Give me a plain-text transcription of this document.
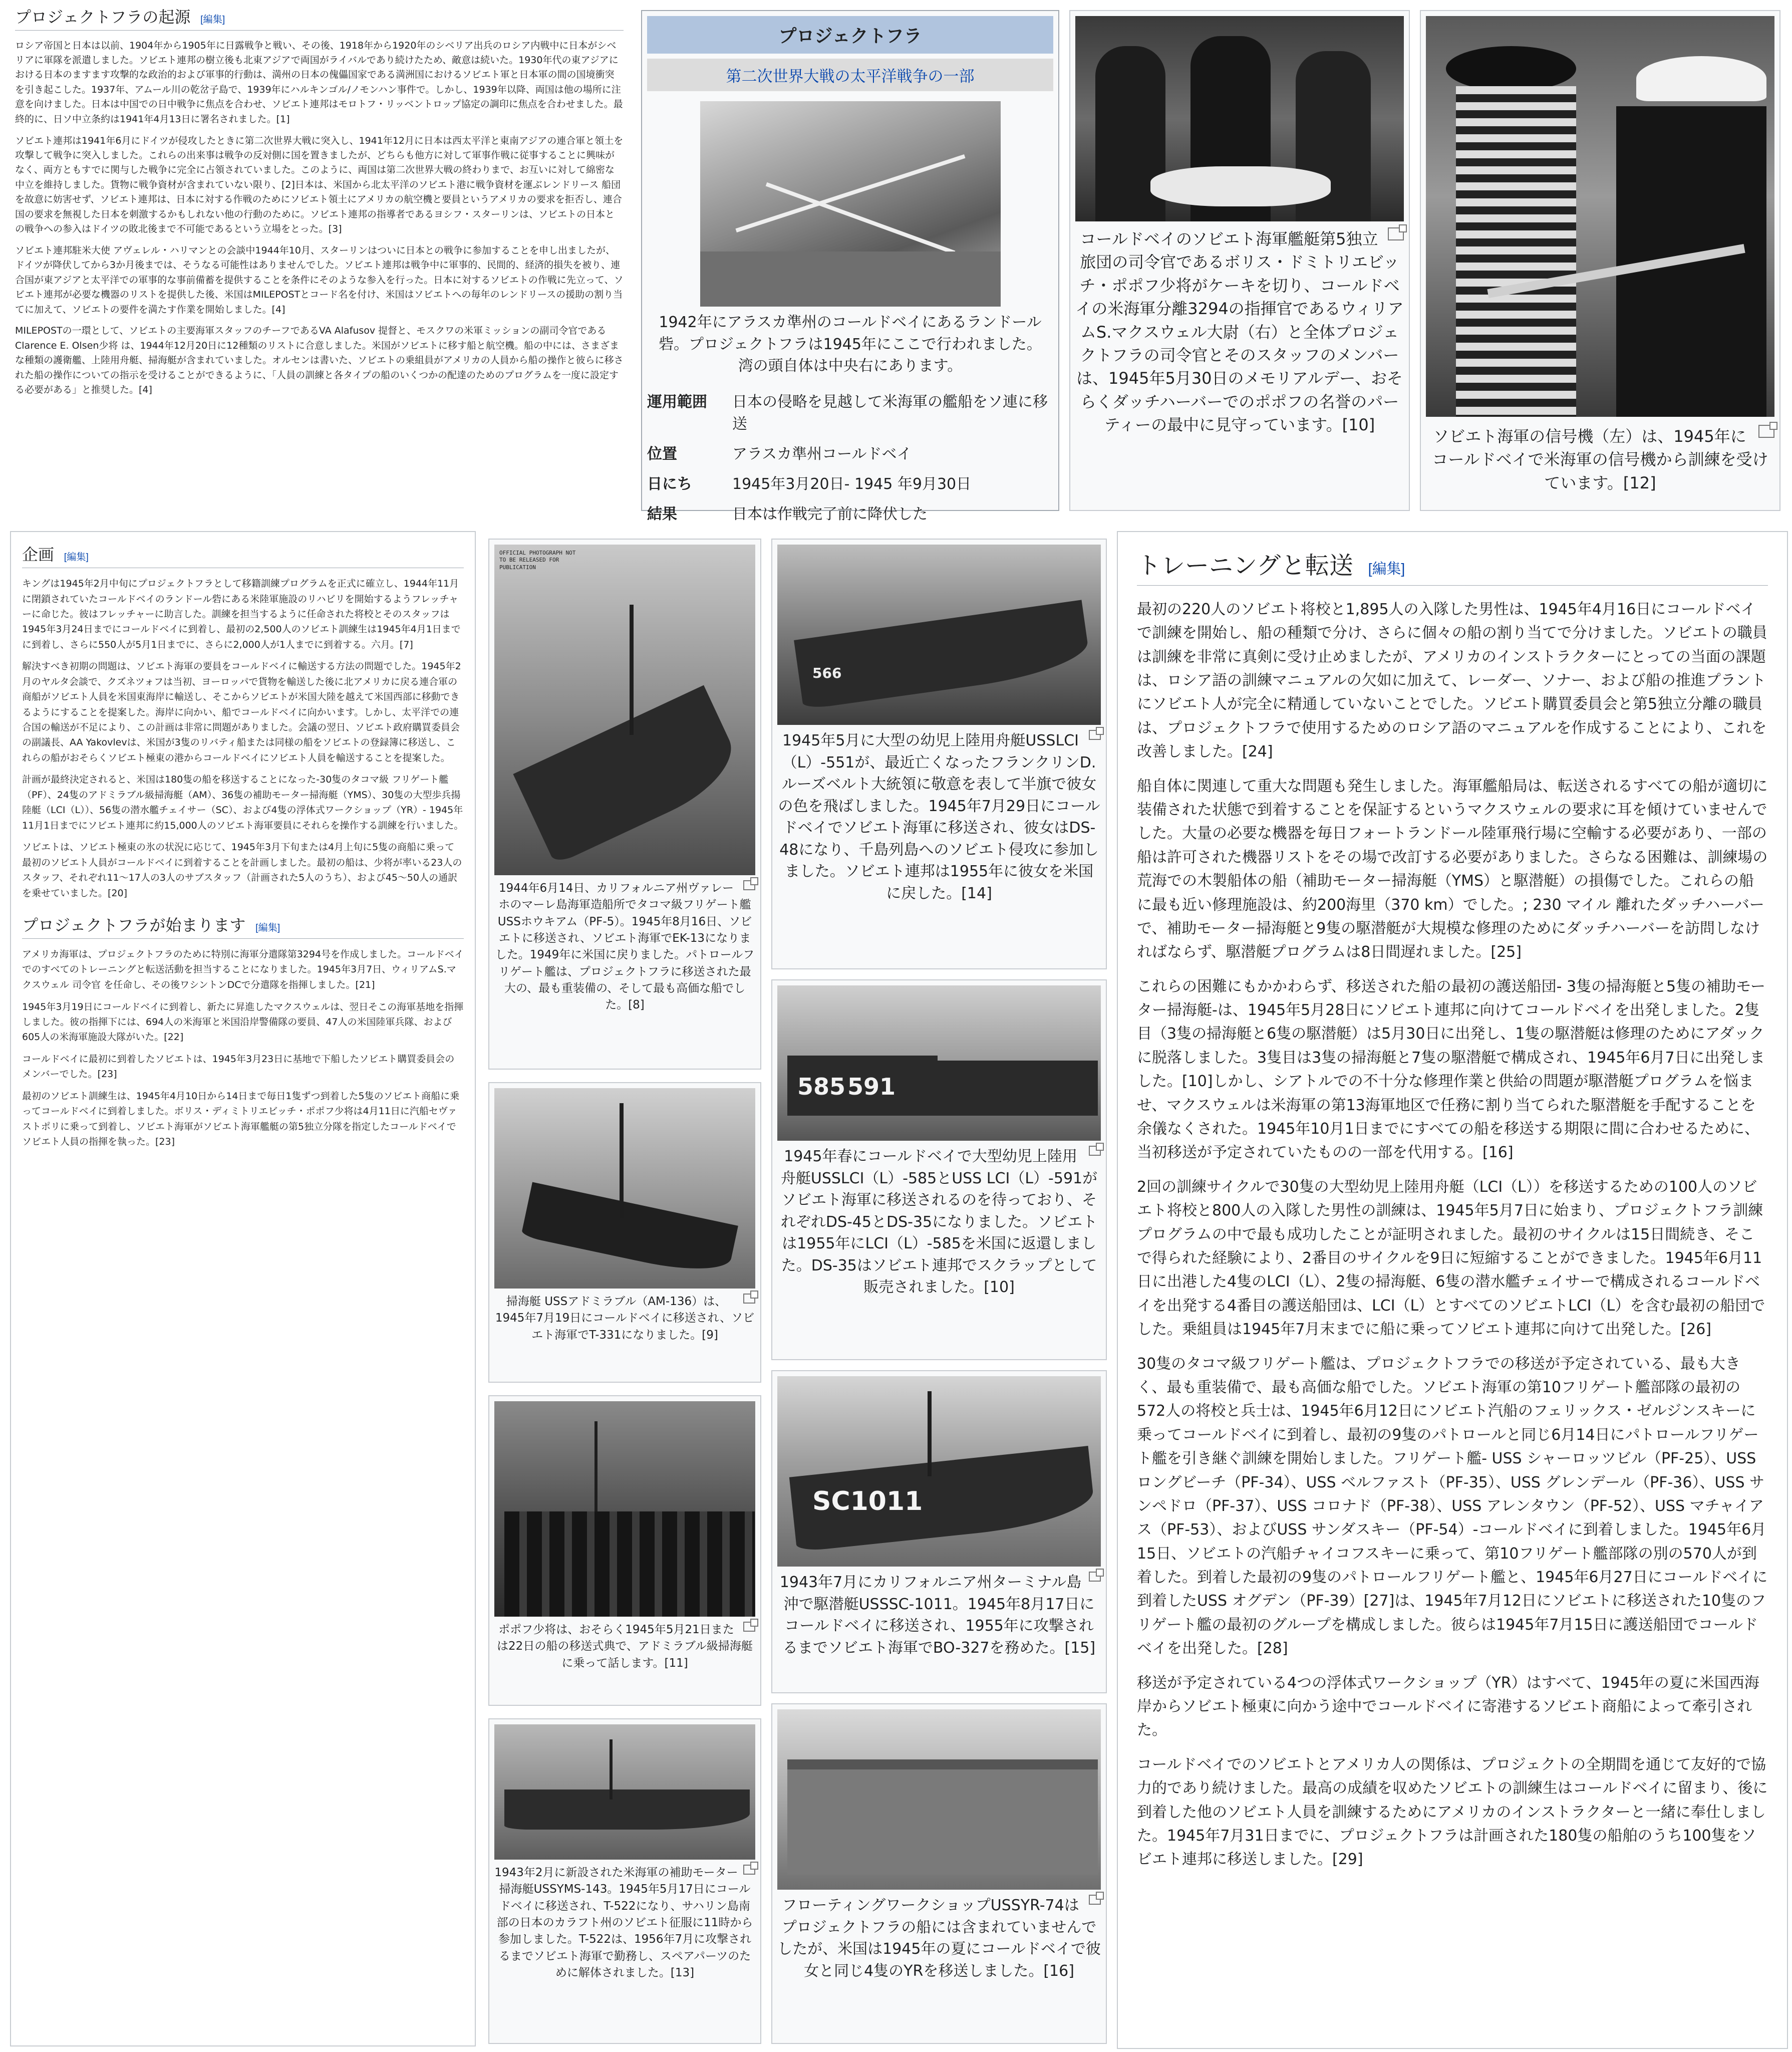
プロジェクトフラの起源 [編集]

ロシア帝国と日本は以前、1904年から1905年に日露戦争と戦い、その後、1918年から1920年のシベリア出兵のロシア内戦中に日本がシベリアに軍隊を派遣しました。ソビエト連邦の樹立後も北東アジアで両国がライバルであり続けたため、敵意は続いた。1930年代の東アジアにおける日本のますます攻撃的な政治的および軍事的行動は、満州の日本の傀儡国家である満洲国におけるソビエト軍と日本軍の間の国境衝突を引き起こした。1937年、アムール川の乾岔子島で、1939年にハルキンゴル/ノモンハン事件で。しかし、1939年以降、両国は他の場所に注意を向けました。日本は中国での日中戦争に焦点を合わせ、ソビエト連邦はモロトフ・リッベントロップ協定の調印に焦点を合わせました。最終的に、日ソ中立条約は1941年4月13日に署名されました。[1]

ソビエト連邦は1941年6月にドイツが侵攻したときに第二次世界大戦に突入し、1941年12月に日本は西太平洋と東南アジアの連合軍と領土を攻撃して戦争に突入しました。これらの出来事は戦争の反対側に国を置きましたが、どちらも他方に対して軍事作戦に従事することに興味がなく、両方ともすでに関与した戦争に完全に占領されていました。このように、両国は第二次世界大戦の終わりまで、お互いに対して綿密な中立を維持しました。貨物に戦争資材が含まれていない限り、[2]日本は、米国から北太平洋のソビエト港に戦争資材を運ぶレンドリース 船団を故意に妨害せず、ソビエト連邦は、日本に対する作戦のためにソビエト領土にアメリカの航空機と要員というアメリカの要求を拒否し、連合国の要求を無視した日本を刺激するかもしれない他の行動のために。ソビエト連邦の指導者であるヨシフ・スターリンは、ソビエトの日本との戦争への参入はドイツの敗北後まで不可能であるという立場をとった。[3]

ソビエト連邦駐米大使 アヴェレル・ハリマンとの会談中1944年10月、スターリンはついに日本との戦争に参加することを申し出ましたが、ドイツが降伏してから3か月後までは、そうなる可能性はありませんでした。ソビエト連邦は戦争中に軍事的、民間的、経済的損失を被り、連合国が東アジアと太平洋での軍事的な事前備蓄を提供することを条件にそのような参入を行った。日本に対するソビエトの作戦に先立って、ソビエト連邦が必要な機器のリストを提供した後、米国はMILEPOSTとコード名を付け、米国はソビエトへの毎年のレンドリースの援助の割り当てに加えて、ソビエトの要件を満たす作業を開始しました。[4]

MILEPOSTの一環として、ソビエトの主要海軍スタッフのチーフであるVA Alafusov 提督と、モスクワの米軍ミッションの副司令官であるClarence E. Olsen少将 は、1944年12月20日に12種類のリストに合意しました。米国がソビエトに移す船と航空機。船の中には、さまざまな種類の護衛艦、上陸用舟艇、掃海艇が含まれていました。オルセンは書いた、ソビエトの乗組員がアメリカの人員から船の操作と彼らに移された船の操作についての指示を受けることができるように、「人員の訓練と各タイプの船のいくつかの配達のためのプログラムを一度に設定する必要がある」と推奨した。[4]

プロジェクトフラ
第二次世界大戦の太平洋戦争の一部
1942年にアラスカ準州のコールドベイにあるランドール砦。プロジェクトフラは1945年にここで行われました。湾の頭自体は中央右にあります。
運用範囲	日本の侵略を見越して米海軍の艦船をソ連に移送
位置	アラスカ準州コールドベイ
日にち	1945年3月20日- 1945 年9月30日
結果	日本は作戦完了前に降伏した
コールドベイのソビエト海軍艦艇第5独立旅団の司令官であるボリス・ドミトリエビッチ・ポポフ少将がケーキを切り、コールドベイの米海軍分離3294の指揮官であるウィリアムS.マクスウェル大尉（右）と全体プロジェクトフラの司令官とそのスタッフのメンバーは、1945年5月30日のメモリアルデー、おそらくダッチハーバーでのポポフの名誉のパーティーの最中に見守っています。[10]
ソビエト海軍の信号機（左）は、1945年にコールドベイで米海軍の信号機から訓練を受けています。[12]
企画 [編集]

キングは1945年2月中旬にプロジェクトフラとして移籍訓練プログラムを正式に確立し、1944年11月に閉鎖されていたコールドベイのランドール砦にある米陸軍施設のリハビリを開始するようフレッチャーに命じた。彼はフレッチャーに助言した。訓練を担当するように任命された将校とそのスタッフは1945年3月24日までにコールドベイに到着し、最初の2,500人のソビエト訓練生は1945年4月1日までに到着し、さらに550人が5月1日までに、さらに2,000人が1人までに到着する。六月。[7]

解決すべき初期の問題は、ソビエト海軍の要員をコールドベイに輸送する方法の問題でした。1945年2月のヤルタ会談で、クズネツォフは当初、ヨーロッパで貨物を輸送した後に北アメリカに戻る連合軍の商船がソビエト人員を米国東海岸に輸送し、そこからソビエトが米国大陸を越えて米国西部に移動できるようにすることを提案した。海岸に向かい、船でコールドベイに向かいます。しかし、太平洋での連合国の輸送が不足により、この計画は非常に問題がありました。会議の翌日、ソビエト政府購買委員会の副議長、AA Yakovlevは、米国が3隻のリバティ船または同様の船をソビエトの登録簿に移送し、これらの船がおそらくソビエト極東の港からコールドベイにソビエト人員を輸送することを提案した。

計画が最終決定されると、米国は180隻の船を移送することになった-30隻のタコマ級 フリゲート艦（PF）、24隻のアドミラブル級掃海艇（AM）、36隻の補助モーター掃海艇（YMS）、30隻の大型歩兵揚陸艇（LCI（L））、56隻の潜水艦チェイサー（SC）、および4隻の浮体式ワークショップ（YR）- 1945年11月1日までにソビエト連邦に約15,000人のソビエト海軍要員にそれらを操作する訓練を行いました。

ソビエトは、ソビエト極東の氷の状況に応じて、1945年3月下旬または4月上旬に5隻の商船に乗って最初のソビエト人員がコールドベイに到着することを計画しました。最初の船は、少将が率いる23人のスタッフ、それぞれ11〜17人の3人のサブスタッフ（計画された5人のうち）、および45〜50人の通訳を乗せていました。[20]

プロジェクトフラが始まります [編集]

アメリカ海軍は、プロジェクトフラのために特別に海軍分遣隊第3294号を作成しました。コールドベイでのすべてのトレーニングと転送活動を担当することになりました。1945年3月7日、ウィリアムS.マクスウェル 司令官 を任命し、その後ワシントンDCで分遣隊を指揮しました。[21]

1945年3月19日にコールドベイに到着し、新たに昇進したマクスウェルは、翌日そこの海軍基地を指揮しました。彼の指揮下には、694人の米海軍と米国沿岸警備隊の要員、47人の米国陸軍兵隊、および605人の米海軍施設大隊がいた。[22]

コールドベイに最初に到着したソビエトは、1945年3月23日に基地で下船したソビエト購買委員会のメンバーでした。[23]

最初のソビエト訓練生は、1945年4月10日から14日まで毎日1隻ずつ到着した5隻のソビエト商船に乗ってコールドベイに到着しました。ボリス・ディミトリエビッチ・ポポフ少将は4月11日に汽船セヴァストポリに乗って到着し、ソビエト海軍がソビエト海軍艦艇の第5独立分隊を指定したコールドベイでソビエト人員の指揮を執った。[23]

OFFICIAL PHOTOGRAPH NOT TO BE RELEASED FOR PUBLICATION
1944年6月14日、カリフォルニア州ヴァレーホのマーレ島海軍造船所でタコマ級フリゲート艦USSホウキアム（PF-5）。1945年8月16日、ソビエトに移送され、ソビエト海軍でEK-13になりました。1949年に米国に戻りました。パトロールフリゲート艦は、プロジェクトフラに移送された最大の、最も重装備の、そして最も高価な船でした。[8]
掃海艇 USSアドミラブル（AM-136）は、1945年7月19日にコールドベイに移送され、ソビエト海軍でT-331になりました。[9]
ポポフ少将は、おそらく1945年5月21日または22日の船の移送式典で、アドミラブル級掃海艇に乗って話します。[11]
1943年2月に新設された米海軍の補助モーター掃海艇USSYMS-143。1945年5月17日にコールドベイに移送され、T-522になり、サハリン島南部の日本のカラフト州のソビエト征服に11時から参加しました。T-522は、1956年7月に攻撃されるまでソビエト海軍で勤務し、スペアパーツのために解体されました。[13]
566
1945年5月に大型の幼児上陸用舟艇USSLCI（L）-551が、最近亡くなったフランクリンD.ルーズベルト大統領に敬意を表して半旗で彼女の色を飛ばしました。1945年7月29日にコールドベイでソビエト海軍に移送され、彼女はDS-48になり、千島列島へのソビエト侵攻に参加しました。ソビエト連邦は1955年に彼女を米国に戻した。[14]
585 591
1945年春にコールドベイで大型幼児上陸用舟艇USSLCI（L）-585とUSS LCI（L）-591がソビエト海軍に移送されるのを待っており、それぞれDS-45とDS-35になりました。ソビエトは1955年にLCI（L）-585を米国に返還しました。DS-35はソビエト連邦でスクラップとして販売されました。[10]
SC1011
1943年7月にカリフォルニア州ターミナル島沖で駆潜艇USSSC-1011。1945年8月17日にコールドベイに移送され、1955年に攻撃されるまでソビエト海軍でBO-327を務めた。[15]
フローティングワークショップUSSYR-74はプロジェクトフラの船には含まれていませんでしたが、米国は1945年の夏にコールドベイで彼女と同じ4隻のYRを移送しました。[16]
トレーニングと転送 [編集]

最初の220人のソビエト将校と1,895人の入隊した男性は、1945年4月16日にコールドベイで訓練を開始し、船の種類で分け、さらに個々の船の割り当てで分けました。ソビエトの職員は訓練を非常に真剣に受け止めましたが、アメリカのインストラクターにとっての当面の課題は、ロシア語の訓練マニュアルの欠如に加えて、レーダー、ソナー、および船の推進プラントにソビエト人が完全に精通していないことでした。ソビエト購買委員会と第5独立分離の職員は、プロジェクトフラで使用するためのロシア語のマニュアルを作成することにより、これを改善しました。[24]

船自体に関連して重大な問題も発生しました。海軍艦船局は、転送されるすべての船が適切に装備された状態で到着することを保証するというマクスウェルの要求に耳を傾けていませんでした。大量の必要な機器を毎日フォートランドール陸軍飛行場に空輸する必要があり、一部の船は許可された機器リストをその場で改訂する必要がありました。さらなる困難は、訓練場の荒海での木製船体の船（補助モーター掃海艇（YMS）と駆潜艇）の損傷でした。これらの船に最も近い修理施設は、約200海里（370 km）でした。; 230 マイル 離れたダッチハーバー で、補助モーター掃海艇と9隻の駆潜艇が大規模な修理のためにダッチハーバーを訪問しなければならず、駆潜艇プログラムは8日間遅れました。[25]

これらの困難にもかかわらず、移送された船の最初の護送船団- 3隻の掃海艇と5隻の補助モーター掃海艇-は、1945年5月28日にソビエト連邦に向けてコールドベイを出発しました。2隻目（3隻の掃海艇と6隻の駆潜艇）は5月30日に出発し、1隻の駆潜艇は修理のためにアダックに脱落しました。3隻目は3隻の掃海艇と7隻の駆潜艇で構成され、1945年6月7日に出発しました。[10]しかし、シアトルでの不十分な修理作業と供給の問題が駆潜艇プログラムを悩ませ、マクスウェルは米海軍の第13海軍地区で任務に割り当てられた駆潜艇を手配することを余儀なくされた。1945年10月1日までにすべての船を移送する期限に間に合わせるために、当初移送が予定されていたものの一部を代用する。[16]

2回の訓練サイクルで30隻の大型幼児上陸用舟艇（LCI（L））を移送するための100人のソビエト将校と800人の入隊した男性の訓練は、1945年5月7日に始まり、プロジェクトフラ訓練プログラムの中で最も成功したことが証明されました。最初のサイクルは15日間続き、そこで得られた経験により、2番目のサイクルを9日に短縮することができました。1945年6月11日に出港した4隻のLCI（L）、2隻の掃海艇、6隻の潜水艦チェイサーで構成されるコールドベイを出発する4番目の護送船団は、LCI（L）とすべてのソビエトLCI（L）を含む最初の船団でした。乗組員は1945年7月末までに船に乗ってソビエト連邦に向けて出発した。[26]

30隻のタコマ級フリゲート艦は、プロジェクトフラでの移送が予定されている、最も大きく、最も重装備で、最も高価な船でした。ソビエト海軍の第10フリゲート艦部隊の最初の572人の将校と兵士は、1945年6月12日にソビエト汽船のフェリックス・ゼルジンスキーに乗ってコールドベイに到着し、最初の9隻のパトロールと同じ6月14日にパトロールフリゲート艦を引き継ぐ訓練を開始しました。フリゲート艦- USS シャーロッツビル（PF-25）、USS ロングビーチ（PF-34）、USS ベルファスト（PF-35）、USS グレンデール（PF-36）、USS サンペドロ（PF-37）、USS コロナド（PF-38）、USS アレンタウン（PF-52）、USS マチャイアス（PF-53）、およびUSS サンダスキー（PF-54）-コールドベイに到着しました。1945年6月15日、ソビエトの汽船チャイコフスキーに乗って、第10フリゲート艦部隊の別の570人が到着した。到着した最初の9隻のパトロールフリゲート艦と、1945年6月27日にコールドベイに到着したUSS オグデン（PF-39）[27]は、1945年7月12日にソビエトに移送された10隻のフリゲート艦の最初のグループを構成しました。彼らは1945年7月15日に護送船団でコールドベイを出発した。[28]

移送が予定されている4つの浮体式ワークショップ（YR）はすべて、1945年の夏に米国西海岸からソビエト極東に向かう途中でコールドベイに寄港するソビエト商船によって牽引された。

コールドベイでのソビエトとアメリカ人の関係は、プロジェクトの全期間を通じて友好的で協力的であり続けました。最高の成績を収めたソビエトの訓練生はコールドベイに留まり、後に到着した他のソビエト人員を訓練するためにアメリカのインストラクターと一緒に奉仕しました。1945年7月31日までに、プロジェクトフラは計画された180隻の船舶のうち100隻をソビエト連邦に移送しました。[29]
